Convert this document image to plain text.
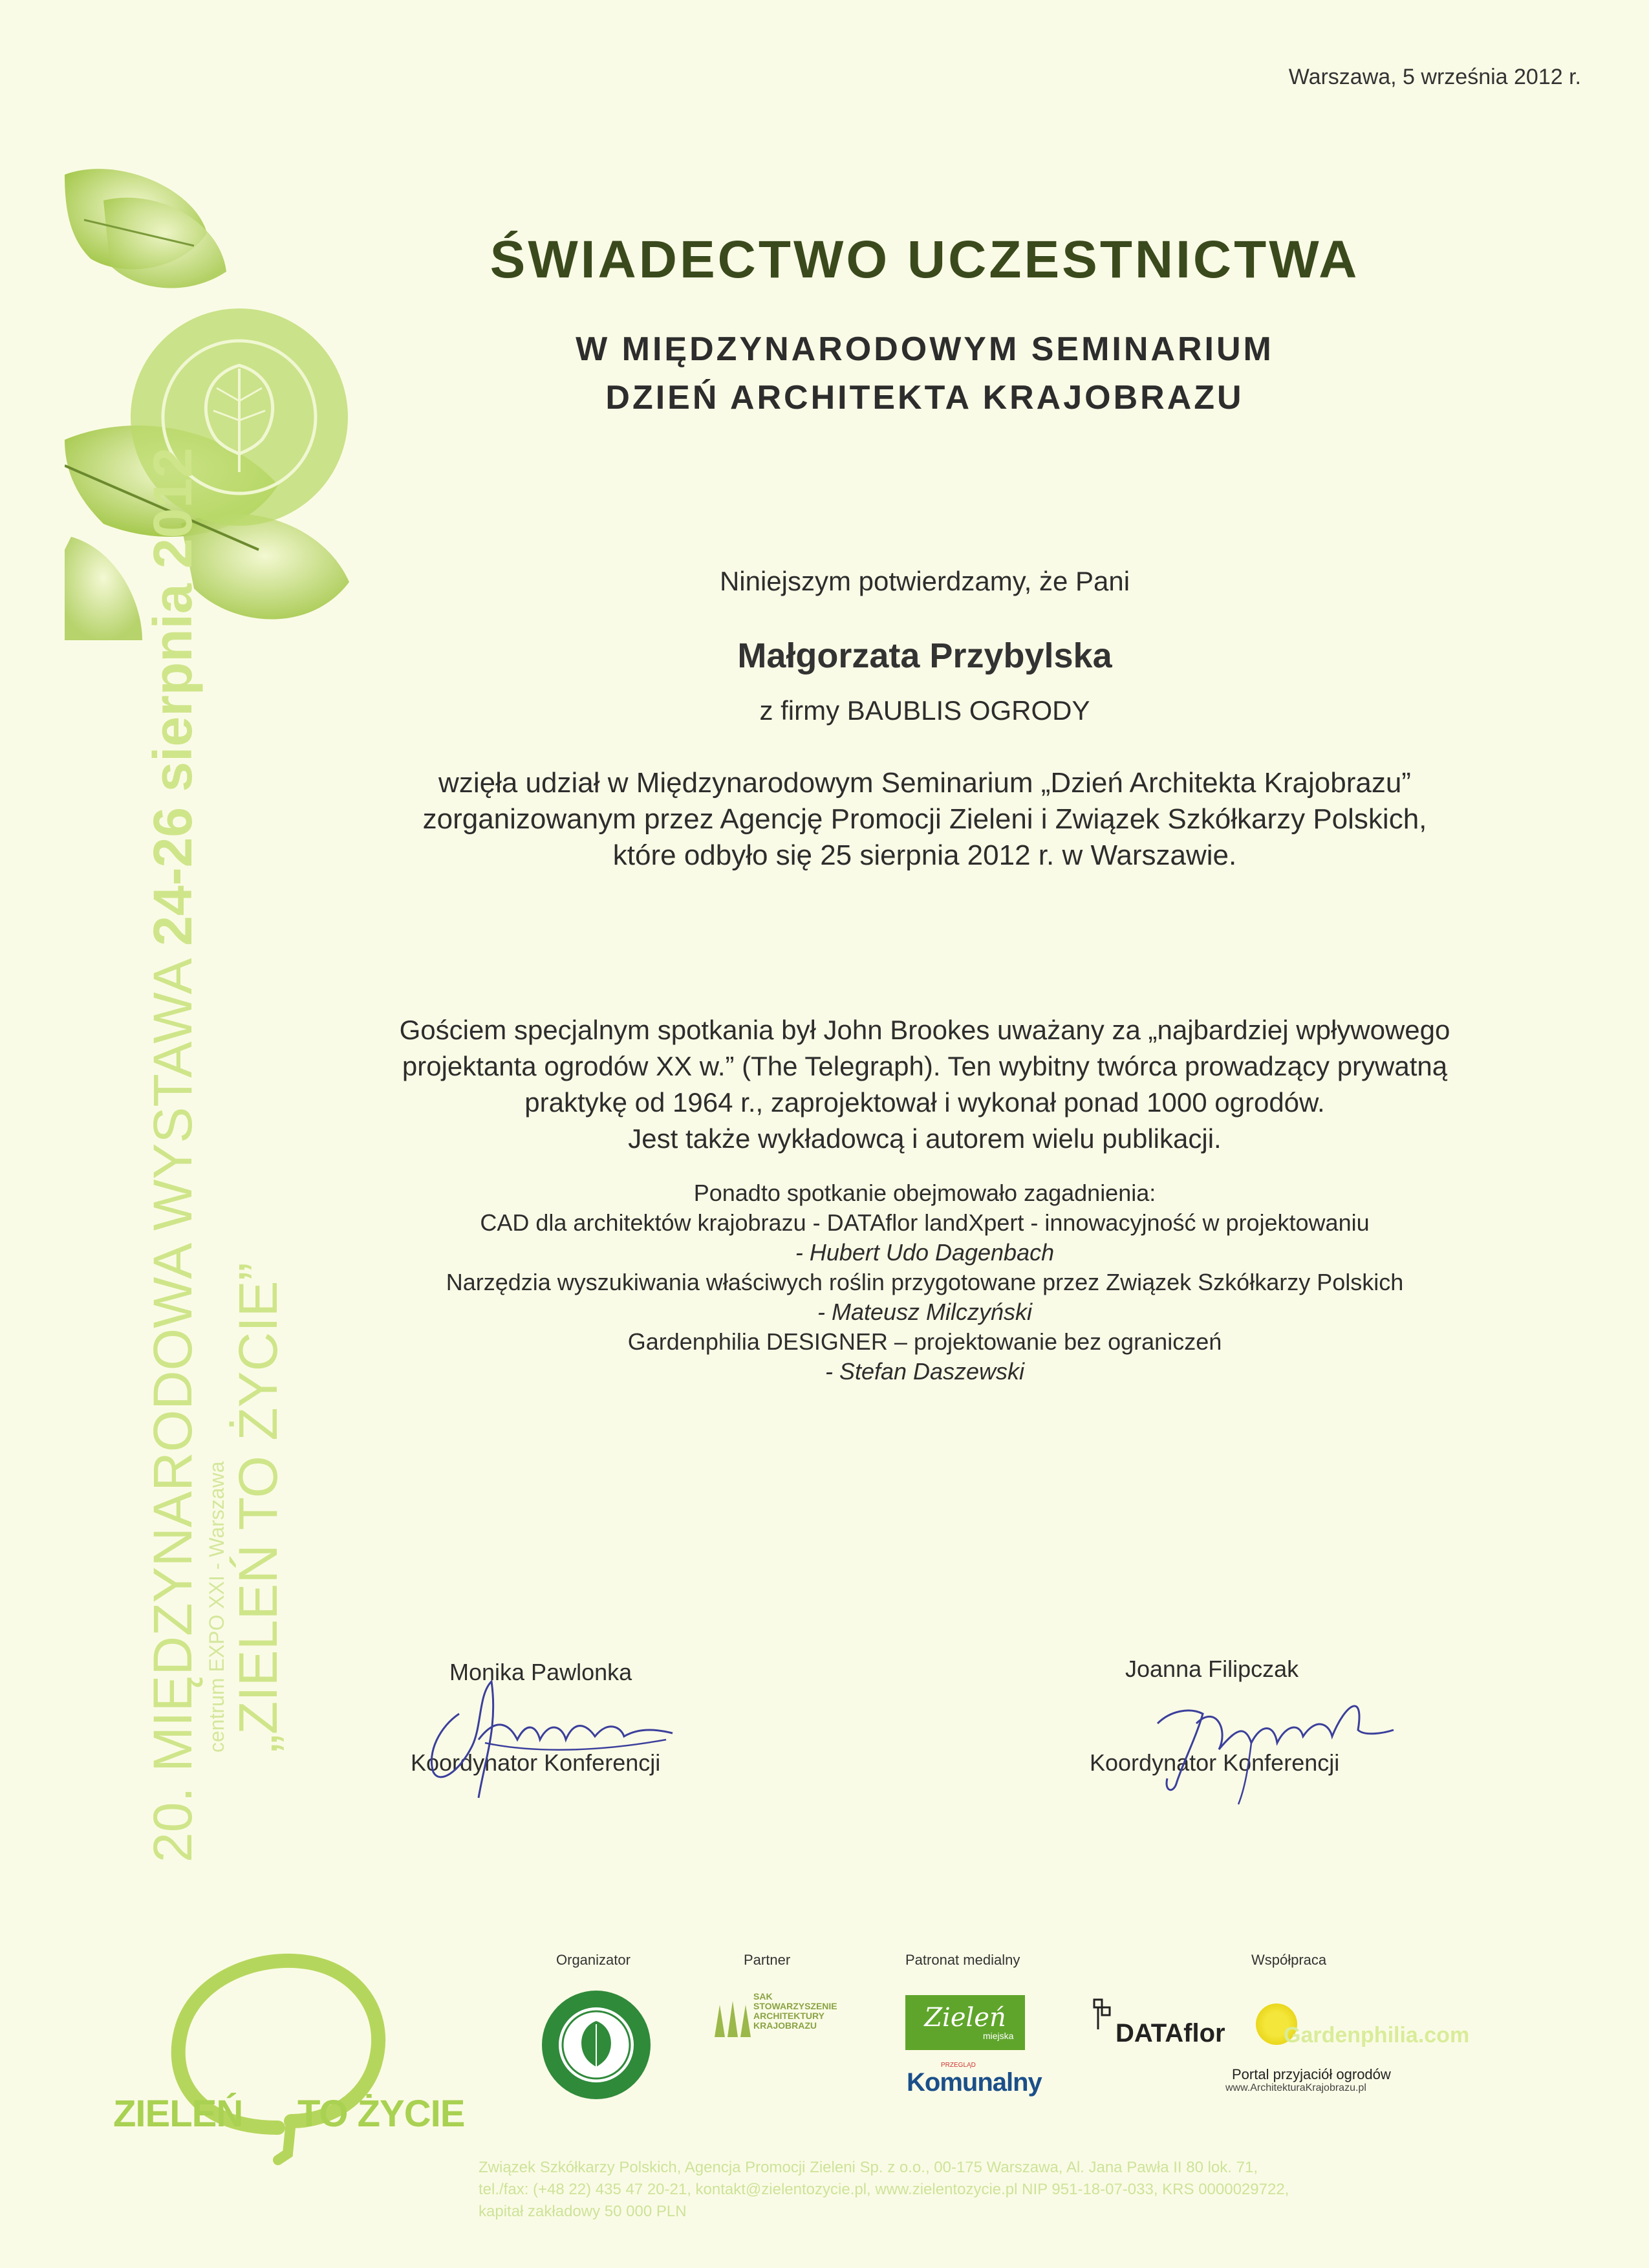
20. MIĘDZYNARODOWA WYSTAWA 24-26 sierpnia 2012
centrum EXPO XXI - Warszawa „ZIELEŃ TO ŻYCIE”
ZIELEŃ TO ŻYCIE
Warszawa, 5 września 2012 r.
ŚWIADECTWO UCZESTNICTWA
W MIĘDZYNARODOWYM SEMINARIUM
DZIEŃ ARCHITEKTA KRAJOBRAZU
Niniejszym potwierdzamy, że Pani
Małgorzata Przybylska
z firmy BAUBLIS OGRODY
wzięła udział w Międzynarodowym Seminarium „Dzień Architekta Krajobrazu”
zorganizowanym przez Agencję Promocji Zieleni i Związek Szkółkarzy Polskich,
które odbyło się 25 sierpnia 2012 r. w Warszawie.
Gościem specjalnym spotkania był John Brookes uważany za „najbardziej wpływowego
projektanta ogrodów XX w.” (The Telegraph). Ten wybitny twórca prowadzący prywatną
praktykę od 1964 r., zaprojektował i wykonał ponad 1000 ogrodów.
Jest także wykładowcą i autorem wielu publikacji.
Ponadto spotkanie obejmowało zagadnienia:
CAD dla architektów krajobrazu - DATAflor landXpert - innowacyjność w projektowaniu
- Hubert Udo Dagenbach
Narzędzia wyszukiwania właściwych roślin przygotowane przez Związek Szkółkarzy Polskich
- Mateusz Milczyński
Gardenphilia DESIGNER – projektowanie bez ograniczeń
- Stefan Daszewski
Monika Pawlonka
Koordynator Konferencji
Joanna Filipczak
Koordynator Konferencji
Organizator	Partner	Patronat medialny	Współpraca
SAK
STOWARZYSZENIE
ARCHITEKTURY
KRAJOBRAZU	Zieleń
miejska
PRZEGLĄD
Komunalny
DATAflor	Gardenphilia.com
Portal przyjaciół ogrodów
www.ArchitekturaKrajobrazu.pl
Związek Szkółkarzy Polskich, Agencja Promocji Zieleni Sp. z o.o., 00-175 Warszawa, Al. Jana Pawła II 80 lok. 71,
tel./fax: (+48 22) 435 47 20-21, kontakt@zielentozycie.pl, www.zielentozycie.pl NIP 951-18-07-033, KRS 0000029722,
kapitał zakładowy 50 000 PLN
